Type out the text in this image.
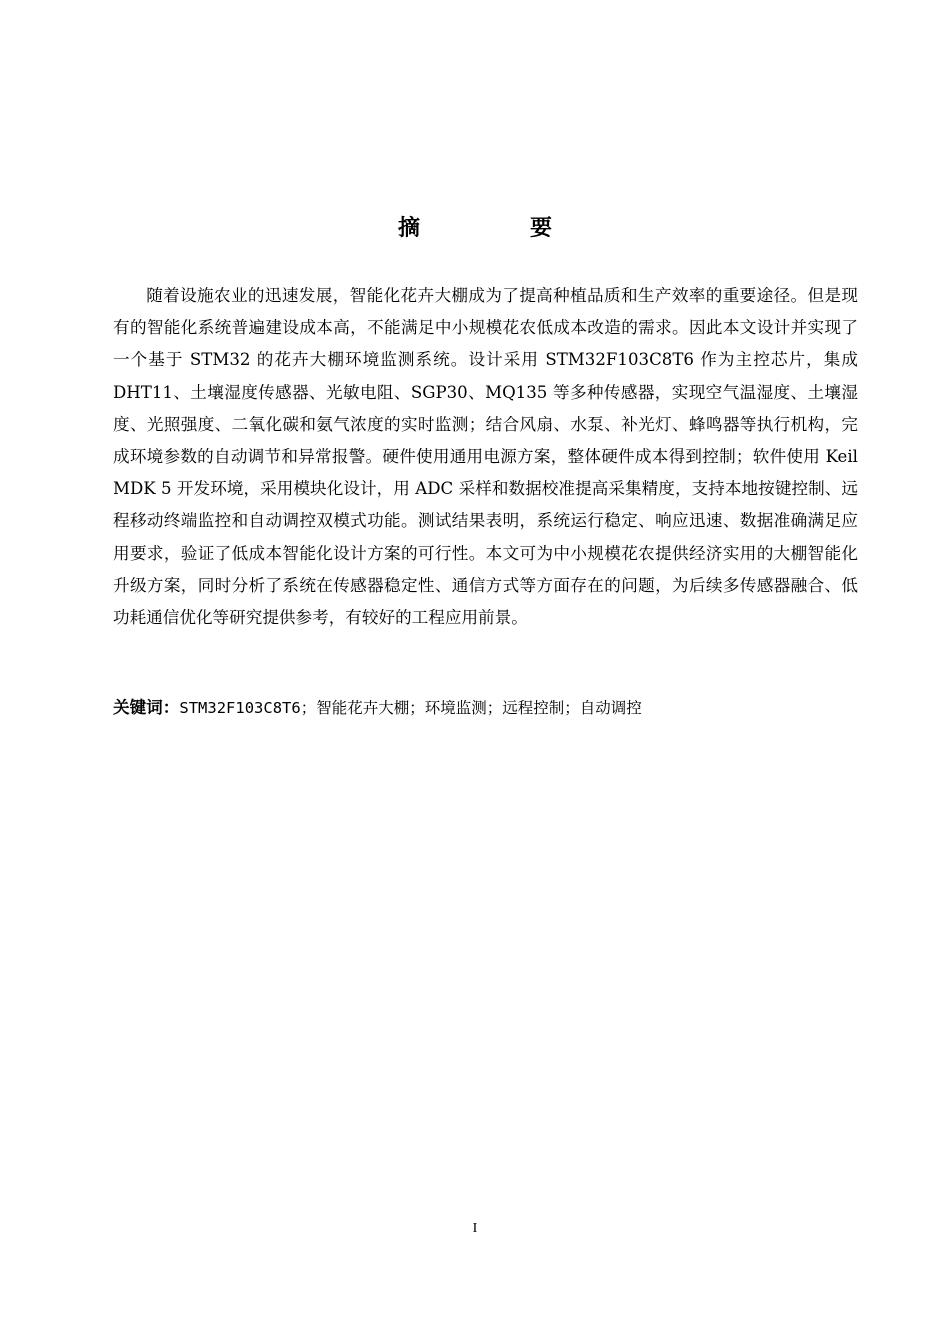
摘　要

随着设施农业的迅速发展，智能化花卉大棚成为了提高种植品质和生产效率的重要途径。但是现有的智能化系统普遍建设成本高，不能满足中小规模花农低成本改造的需求。因此本文设计并实现了一个基于 STM32 的花卉大棚环境监测系统。设计采用 STM32F103C8T6 作为主控芯片，集成 DHT11、土壤湿度传感器、光敏电阻、SGP30、MQ135 等多种传感器，实现空气温湿度、土壤湿度、光照强度、二氧化碳和氨气浓度的实时监测；结合风扇、水泵、补光灯、蜂鸣器等执行机构，完成环境参数的自动调节和异常报警。硬件使用通用电源方案，整体硬件成本得到控制；软件使用 Keil MDK 5 开发环境，采用模块化设计，用 ADC 采样和数据校准提高采集精度，支持本地按键控制、远程移动终端监控和自动调控双模式功能。测试结果表明，系统运行稳定、响应迅速、数据准确满足应用要求，验证了低成本智能化设计方案的可行性。本文可为中小规模花农提供经济实用的大棚智能化升级方案，同时分析了系统在传感器稳定性、通信方式等方面存在的问题，为后续多传感器融合、低功耗通信优化等研究提供参考，有较好的工程应用前景。

关键词：STM32F103C8T6；智能花卉大棚；环境监测；远程控制；自动调控

I
